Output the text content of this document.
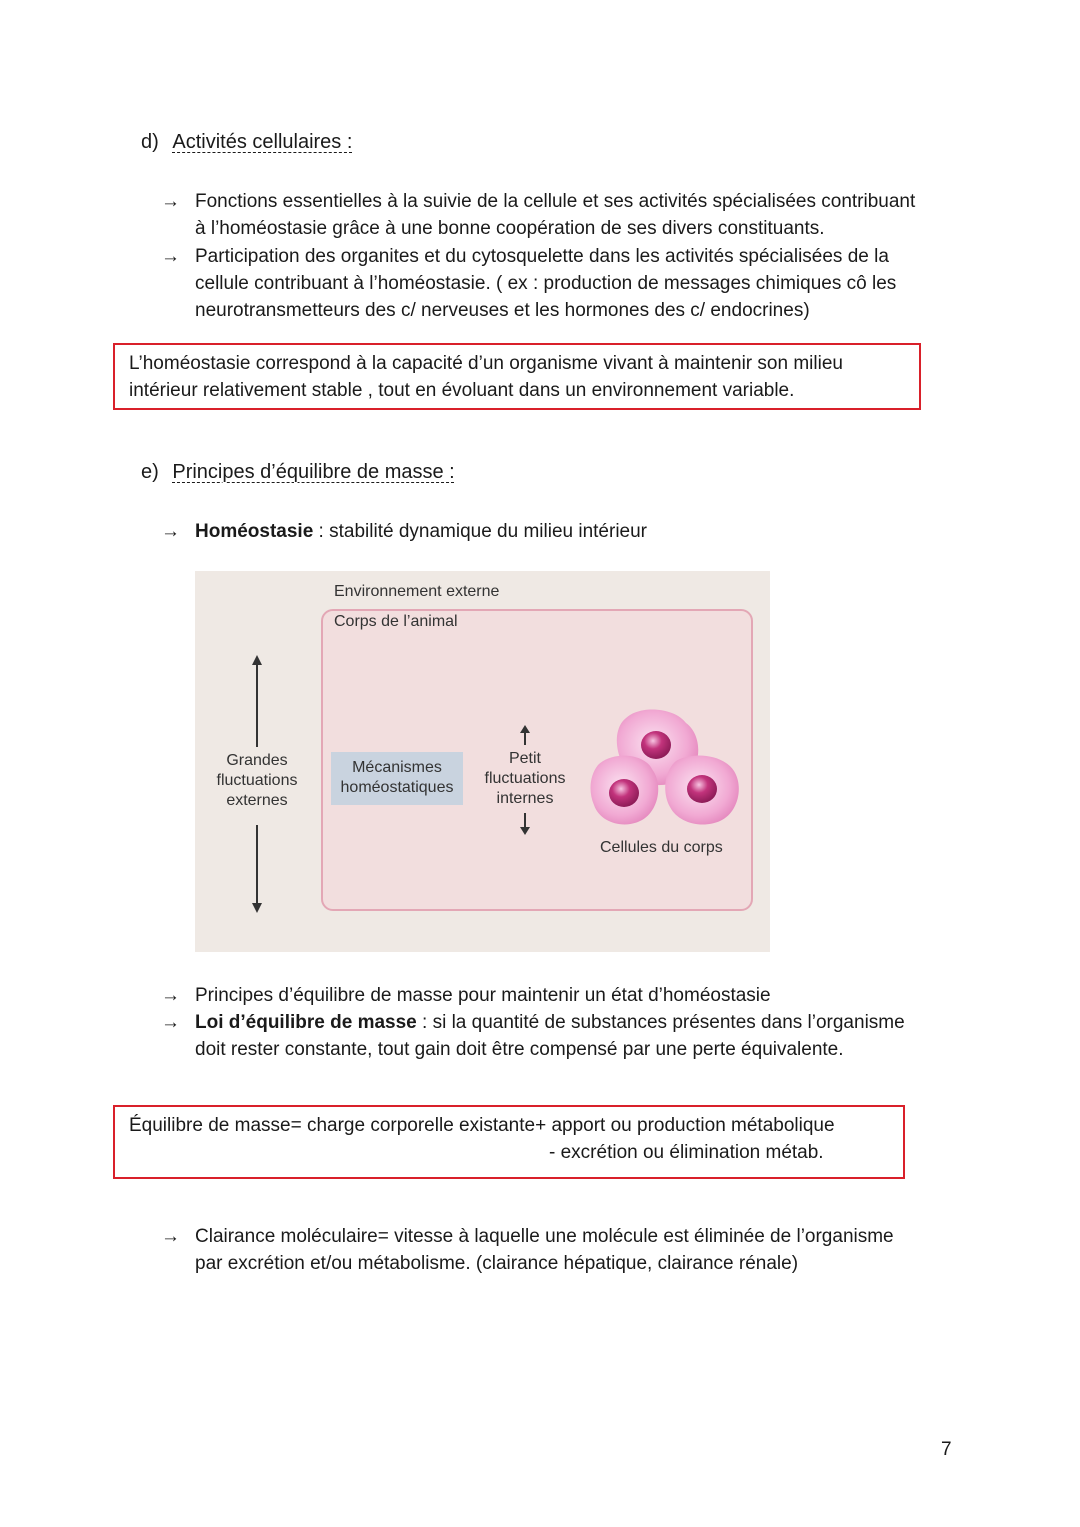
d) Activités cellulaires :
→ Fonctions essentielles à la suivie de la cellule et ses activités spécialisées contribuant
à l’homéostasie grâce à une bonne coopération de ses divers constituants.
→ Participation des organites et du cytosquelette dans les activités spécialisées de la
cellule contribuant à l’homéostasie. ( ex : production de messages chimiques cô les
neurotransmetteurs des c/ nerveuses et les hormones des c/ endocrines)
L’homéostasie correspond à la capacité d’un organisme vivant à maintenir son milieu
intérieur relativement stable , tout en évoluant dans un environnement variable.
e) Principes d’équilibre de masse :
→ Homéostasie : stabilité dynamique du milieu intérieur
Environnement externe
Corps de l’animal
Grandes
fluctuations
externes
Mécanismes
homéostatiques
Petit
fluctuations
internes
Cellules du corps
→ Principes d’équilibre de masse pour maintenir un état d’homéostasie
→ Loi d’équilibre de masse : si la quantité de substances présentes dans l’organisme
doit rester constante, tout gain doit être compensé par une perte équivalente.
Équilibre de masse= charge corporelle existante+ apport ou production métabolique
- excrétion ou élimination métab.
→ Clairance moléculaire= vitesse à laquelle une molécule est éliminée de l’organisme
par excrétion et/ou métabolisme. (clairance hépatique, clairance rénale)
7
